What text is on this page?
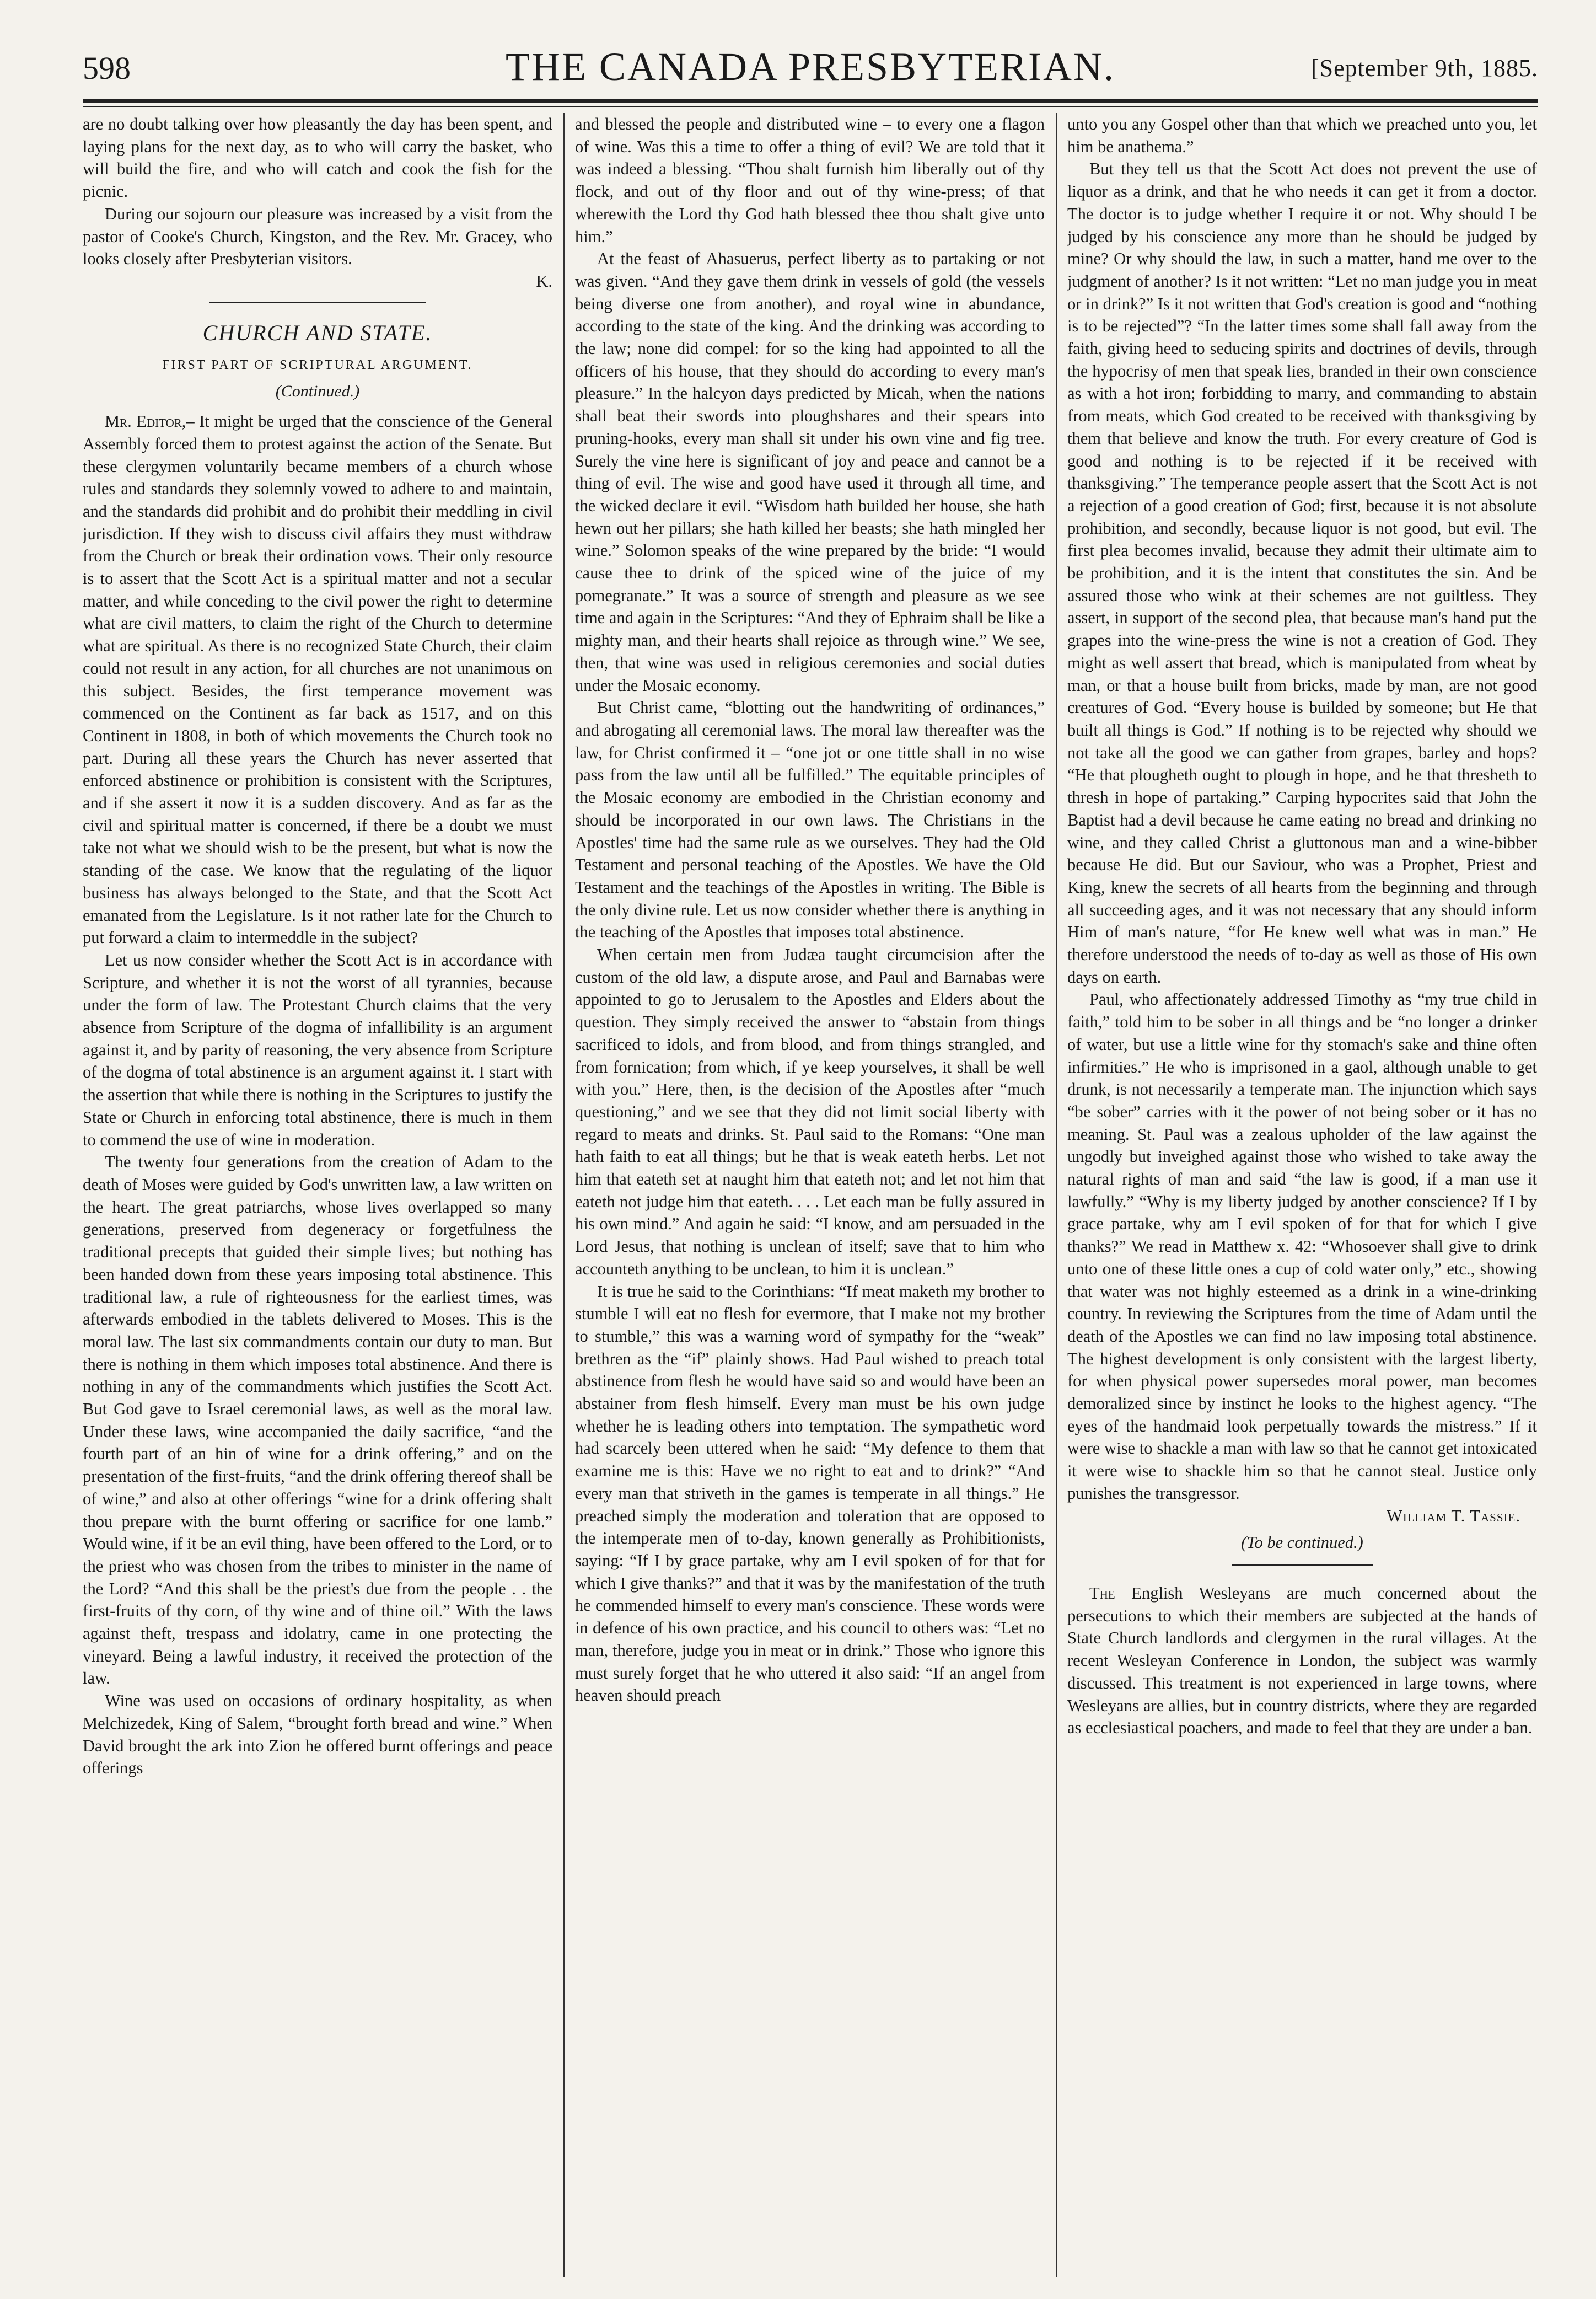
598	THE CANADA PRESBYTERIAN.	[September 9th, 1885.

are no doubt talking over how pleasantly the day has been spent, and laying plans for the next day, as to who will carry the basket, who will build the fire, and who will catch and cook the fish for the picnic.

During our sojourn our pleasure was increased by a visit from the pastor of Cooke's Church, Kingston, and the Rev. Mr. Gracey, who looks closely after Presbyterian visitors.

K.

CHURCH AND STATE.
FIRST PART OF SCRIPTURAL ARGUMENT.
(Continued.)

Mr. Editor,– It might be urged that the conscience of the General Assembly forced them to protest against the action of the Senate. But these clergymen voluntarily became members of a church whose rules and standards they solemnly vowed to adhere to and maintain, and the standards did prohibit and do prohibit their meddling in civil jurisdiction. If they wish to discuss civil affairs they must withdraw from the Church or break their ordination vows. Their only resource is to assert that the Scott Act is a spiritual matter and not a secular matter, and while conceding to the civil power the right to determine what are civil matters, to claim the right of the Church to determine what are spiritual. As there is no recognized State Church, their claim could not result in any action, for all churches are not unanimous on this subject. Besides, the first temperance movement was commenced on the Continent as far back as 1517, and on this Continent in 1808, in both of which movements the Church took no part. During all these years the Church has never asserted that enforced abstinence or prohibition is consistent with the Scriptures, and if she assert it now it is a sudden discovery. And as far as the civil and spiritual matter is concerned, if there be a doubt we must take not what we should wish to be the present, but what is now the standing of the case. We know that the regulating of the liquor business has always belonged to the State, and that the Scott Act emanated from the Legislature. Is it not rather late for the Church to put forward a claim to intermeddle in the subject?

Let us now consider whether the Scott Act is in accordance with Scripture, and whether it is not the worst of all tyrannies, because under the form of law. The Protestant Church claims that the very absence from Scripture of the dogma of infallibility is an argument against it, and by parity of reasoning, the very absence from Scripture of the dogma of total abstinence is an argument against it. I start with the assertion that while there is nothing in the Scriptures to justify the State or Church in enforcing total abstinence, there is much in them to commend the use of wine in moderation.

The twenty four generations from the creation of Adam to the death of Moses were guided by God's unwritten law, a law written on the heart. The great patriarchs, whose lives overlapped so many generations, preserved from degeneracy or forgetfulness the traditional precepts that guided their simple lives; but nothing has been handed down from these years imposing total abstinence. This traditional law, a rule of righteousness for the earliest times, was afterwards embodied in the tablets delivered to Moses. This is the moral law. The last six commandments contain our duty to man. But there is nothing in them which imposes total abstinence. And there is nothing in any of the commandments which justifies the Scott Act. But God gave to Israel ceremonial laws, as well as the moral law. Under these laws, wine accompanied the daily sacrifice, “and the fourth part of an hin of wine for a drink offering,” and on the presentation of the first-fruits, “and the drink offering thereof shall be of wine,” and also at other offerings “wine for a drink offering shalt thou prepare with the burnt offering or sacrifice for one lamb.” Would wine, if it be an evil thing, have been offered to the Lord, or to the priest who was chosen from the tribes to minister in the name of the Lord? “And this shall be the priest's due from the people . . the first-fruits of thy corn, of thy wine and of thine oil.” With the laws against theft, trespass and idolatry, came in one protecting the vineyard. Being a lawful industry, it received the protection of the law.

Wine was used on occasions of ordinary hospitality, as when Melchizedek, King of Salem, “brought forth bread and wine.” When David brought the ark into Zion he offered burnt offerings and peace offerings

and blessed the people and distributed wine – to every one a flagon of wine. Was this a time to offer a thing of evil? We are told that it was indeed a blessing. “Thou shalt furnish him liberally out of thy flock, and out of thy floor and out of thy wine-press; of that wherewith the Lord thy God hath blessed thee thou shalt give unto him.”

At the feast of Ahasuerus, perfect liberty as to partaking or not was given. “And they gave them drink in vessels of gold (the vessels being diverse one from another), and royal wine in abundance, according to the state of the king. And the drinking was according to the law; none did compel: for so the king had appointed to all the officers of his house, that they should do according to every man's pleasure.” In the halcyon days predicted by Micah, when the nations shall beat their swords into ploughshares and their spears into pruning-hooks, every man shall sit under his own vine and fig tree. Surely the vine here is significant of joy and peace and cannot be a thing of evil. The wise and good have used it through all time, and the wicked declare it evil. “Wisdom hath builded her house, she hath hewn out her pillars; she hath killed her beasts; she hath mingled her wine.” Solomon speaks of the wine prepared by the bride: “I would cause thee to drink of the spiced wine of the juice of my pomegranate.” It was a source of strength and pleasure as we see time and again in the Scriptures: “And they of Ephraim shall be like a mighty man, and their hearts shall rejoice as through wine.” We see, then, that wine was used in religious ceremonies and social duties under the Mosaic economy.

But Christ came, “blotting out the handwriting of ordinances,” and abrogating all ceremonial laws. The moral law thereafter was the law, for Christ confirmed it – “one jot or one tittle shall in no wise pass from the law until all be fulfilled.” The equitable principles of the Mosaic economy are embodied in the Christian economy and should be incorporated in our own laws. The Christians in the Apostles' time had the same rule as we ourselves. They had the Old Testament and personal teaching of the Apostles. We have the Old Testament and the teachings of the Apostles in writing. The Bible is the only divine rule. Let us now consider whether there is anything in the teaching of the Apostles that imposes total abstinence.

When certain men from Judæa taught circumcision after the custom of the old law, a dispute arose, and Paul and Barnabas were appointed to go to Jerusalem to the Apostles and Elders about the question. They simply received the answer to “abstain from things sacrificed to idols, and from blood, and from things strangled, and from fornication; from which, if ye keep yourselves, it shall be well with you.” Here, then, is the decision of the Apostles after “much questioning,” and we see that they did not limit social liberty with regard to meats and drinks. St. Paul said to the Romans: “One man hath faith to eat all things; but he that is weak eateth herbs. Let not him that eateth set at naught him that eateth not; and let not him that eateth not judge him that eateth. . . . Let each man be fully assured in his own mind.” And again he said: “I know, and am persuaded in the Lord Jesus, that nothing is unclean of itself; save that to him who accounteth anything to be unclean, to him it is unclean.”

It is true he said to the Corinthians: “If meat maketh my brother to stumble I will eat no flesh for evermore, that I make not my brother to stumble,” this was a warning word of sympathy for the “weak” brethren as the “if” plainly shows. Had Paul wished to preach total abstinence from flesh he would have said so and would have been an abstainer from flesh himself. Every man must be his own judge whether he is leading others into temptation. The sympathetic word had scarcely been uttered when he said: “My defence to them that examine me is this: Have we no right to eat and to drink?” “And every man that striveth in the games is temperate in all things.” He preached simply the moderation and toleration that are opposed to the intemperate men of to-day, known generally as Prohibitionists, saying: “If I by grace partake, why am I evil spoken of for that for which I give thanks?” and that it was by the manifestation of the truth he commended himself to every man's conscience. These words were in defence of his own practice, and his council to others was: “Let no man, therefore, judge you in meat or in drink.” Those who ignore this must surely forget that he who uttered it also said: “If an angel from heaven should preach

unto you any Gospel other than that which we preached unto you, let him be anathema.”

But they tell us that the Scott Act does not prevent the use of liquor as a drink, and that he who needs it can get it from a doctor. The doctor is to judge whether I require it or not. Why should I be judged by his conscience any more than he should be judged by mine? Or why should the law, in such a matter, hand me over to the judgment of another? Is it not written: “Let no man judge you in meat or in drink?” Is it not written that God's creation is good and “nothing is to be rejected”? “In the latter times some shall fall away from the faith, giving heed to seducing spirits and doctrines of devils, through the hypocrisy of men that speak lies, branded in their own conscience as with a hot iron; forbidding to marry, and commanding to abstain from meats, which God created to be received with thanksgiving by them that believe and know the truth. For every creature of God is good and nothing is to be rejected if it be received with thanksgiving.” The temperance people assert that the Scott Act is not a rejection of a good creation of God; first, because it is not absolute prohibition, and secondly, because liquor is not good, but evil. The first plea becomes invalid, because they admit their ultimate aim to be prohibition, and it is the intent that constitutes the sin. And be assured those who wink at their schemes are not guiltless. They assert, in support of the second plea, that because man's hand put the grapes into the wine-press the wine is not a creation of God. They might as well assert that bread, which is manipulated from wheat by man, or that a house built from bricks, made by man, are not good creatures of God. “Every house is builded by someone; but He that built all things is God.” If nothing is to be rejected why should we not take all the good we can gather from grapes, barley and hops? “He that plougheth ought to plough in hope, and he that thresheth to thresh in hope of partaking.” Carping hypocrites said that John the Baptist had a devil because he came eating no bread and drinking no wine, and they called Christ a gluttonous man and a wine-bibber because He did. But our Saviour, who was a Prophet, Priest and King, knew the secrets of all hearts from the beginning and through all succeeding ages, and it was not necessary that any should inform Him of man's nature, “for He knew well what was in man.” He therefore understood the needs of to-day as well as those of His own days on earth.

Paul, who affectionately addressed Timothy as “my true child in faith,” told him to be sober in all things and be “no longer a drinker of water, but use a little wine for thy stomach's sake and thine often infirmities.” He who is imprisoned in a gaol, although unable to get drunk, is not necessarily a temperate man. The injunction which says “be sober” carries with it the power of not being sober or it has no meaning. St. Paul was a zealous upholder of the law against the ungodly but inveighed against those who wished to take away the natural rights of man and said “the law is good, if a man use it lawfully.” “Why is my liberty judged by another conscience? If I by grace partake, why am I evil spoken of for that for which I give thanks?” We read in Matthew x. 42: “Whosoever shall give to drink unto one of these little ones a cup of cold water only,” etc., showing that water was not highly esteemed as a drink in a wine-drinking country. In reviewing the Scriptures from the time of Adam until the death of the Apostles we can find no law imposing total abstinence. The highest development is only consistent with the largest liberty, for when physical power supersedes moral power, man becomes demoralized since by instinct he looks to the highest agency. “The eyes of the handmaid look perpetually towards the mistress.” If it were wise to shackle a man with law so that he cannot get intoxicated it were wise to shackle him so that he cannot steal. Justice only punishes the transgressor.

William T. Tassie.

(To be continued.)

The English Wesleyans are much concerned about the persecutions to which their members are subjected at the hands of State Church landlords and clergymen in the rural villages. At the recent Wesleyan Conference in London, the subject was warmly discussed. This treatment is not experienced in large towns, where Wesleyans are allies, but in country districts, where they are regarded as ecclesiastical poachers, and made to feel that they are under a ban.
